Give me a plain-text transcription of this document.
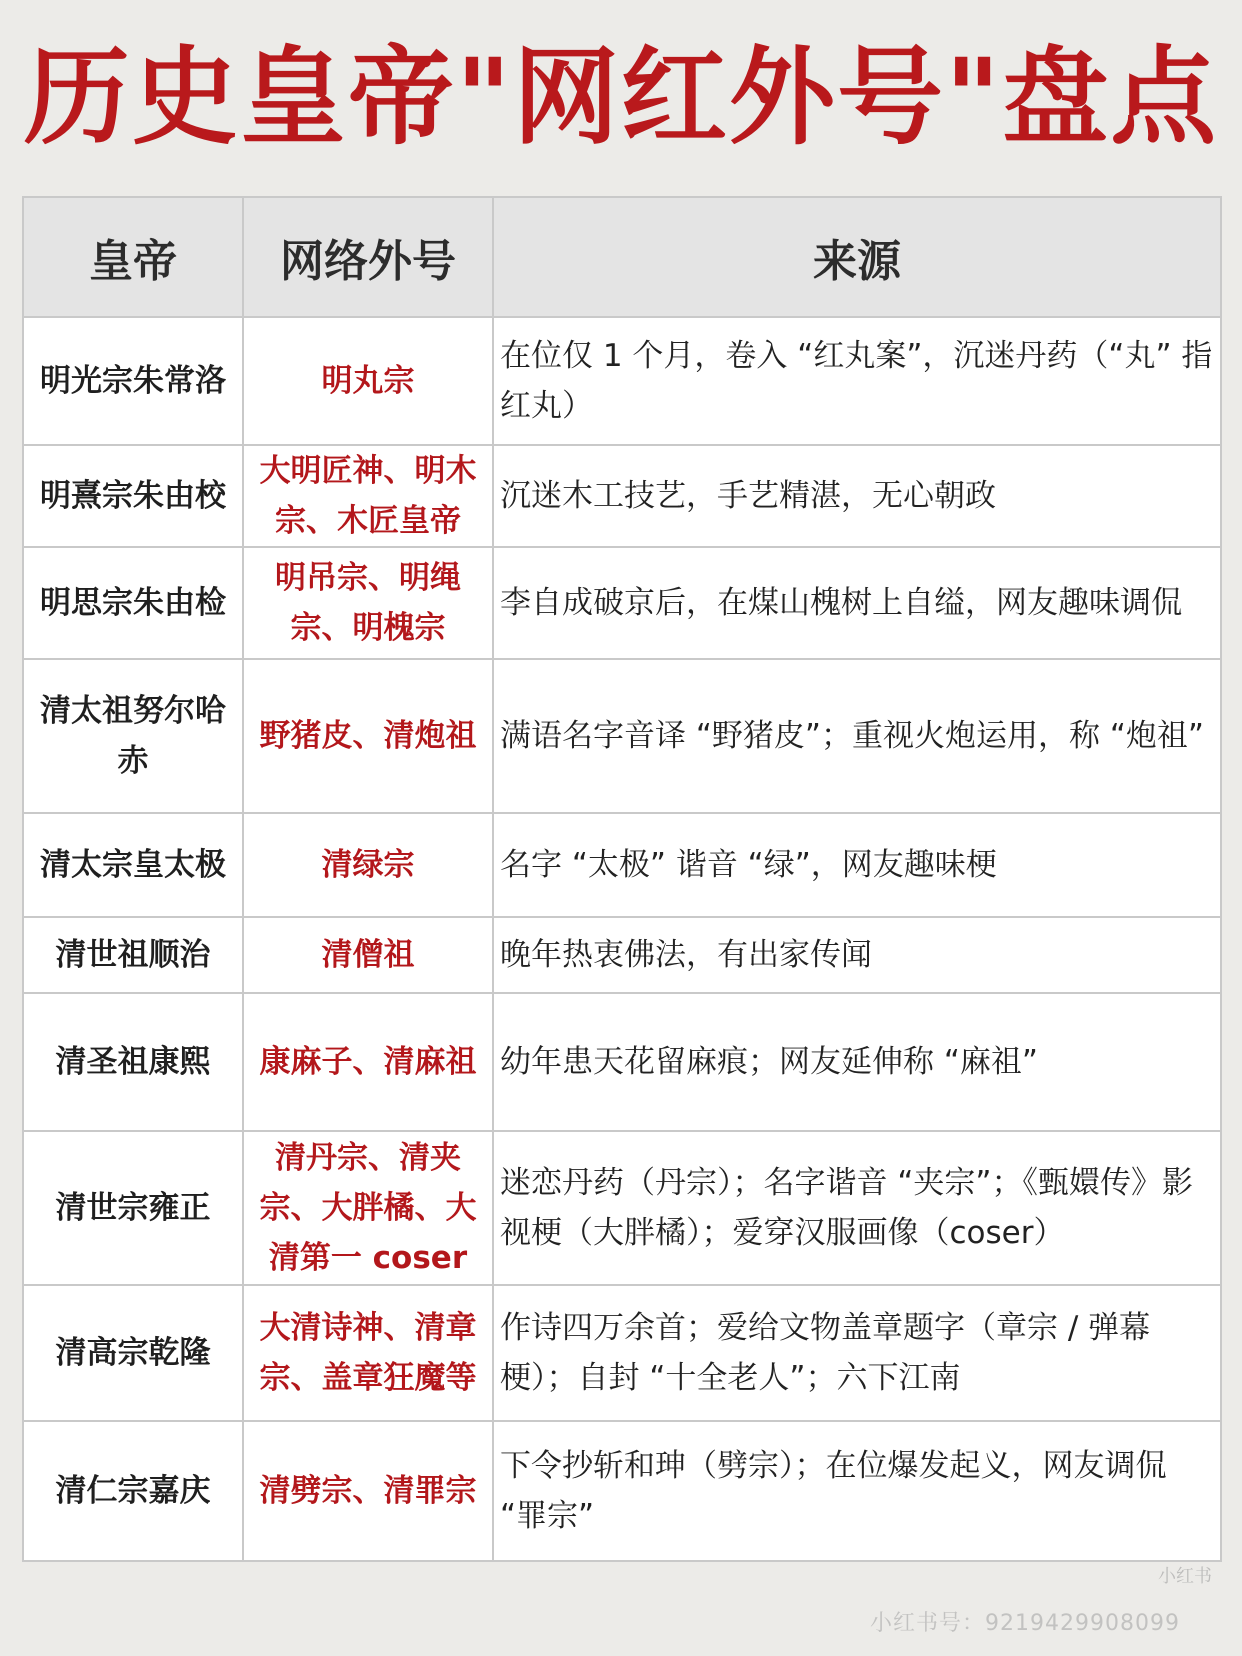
历史皇帝"网红外号"盘点
皇帝	网络外号	来源
明光宗朱常洛	明丸宗	在位仅 1 个月，卷入 “红丸案”，沉迷丹药（“丸” 指红丸）
明熹宗朱由校	大明匠神、明木宗、木匠皇帝	沉迷木工技艺，手艺精湛，无心朝政
明思宗朱由检	明吊宗、明绳宗、明槐宗	李自成破京后，在煤山槐树上自缢，网友趣味调侃
清太祖努尔哈赤	野猪皮、清炮祖	满语名字音译 “野猪皮”；重视火炮运用，称 “炮祖”
清太宗皇太极	清绿宗	名字 “太极” 谐音 “绿”，网友趣味梗
清世祖顺治	清僧祖	晚年热衷佛法，有出家传闻
清圣祖康熙	康麻子、清麻祖	幼年患天花留麻痕；网友延伸称 “麻祖”
清世宗雍正	清丹宗、清夹宗、大胖橘、大清第一 coser	迷恋丹药（丹宗）；名字谐音 “夹宗”；《甄嬛传》影视梗（大胖橘）；爱穿汉服画像（coser）
清高宗乾隆	大清诗神、清章宗、盖章狂魔等	作诗四万余首；爱给文物盖章题字（章宗 / 弹幕梗）；自封 “十全老人”；六下江南
清仁宗嘉庆	清劈宗、清罪宗	下令抄斩和珅（劈宗）；在位爆发起义，网友调侃 “罪宗”
小红书
小红书号：9219429908099
